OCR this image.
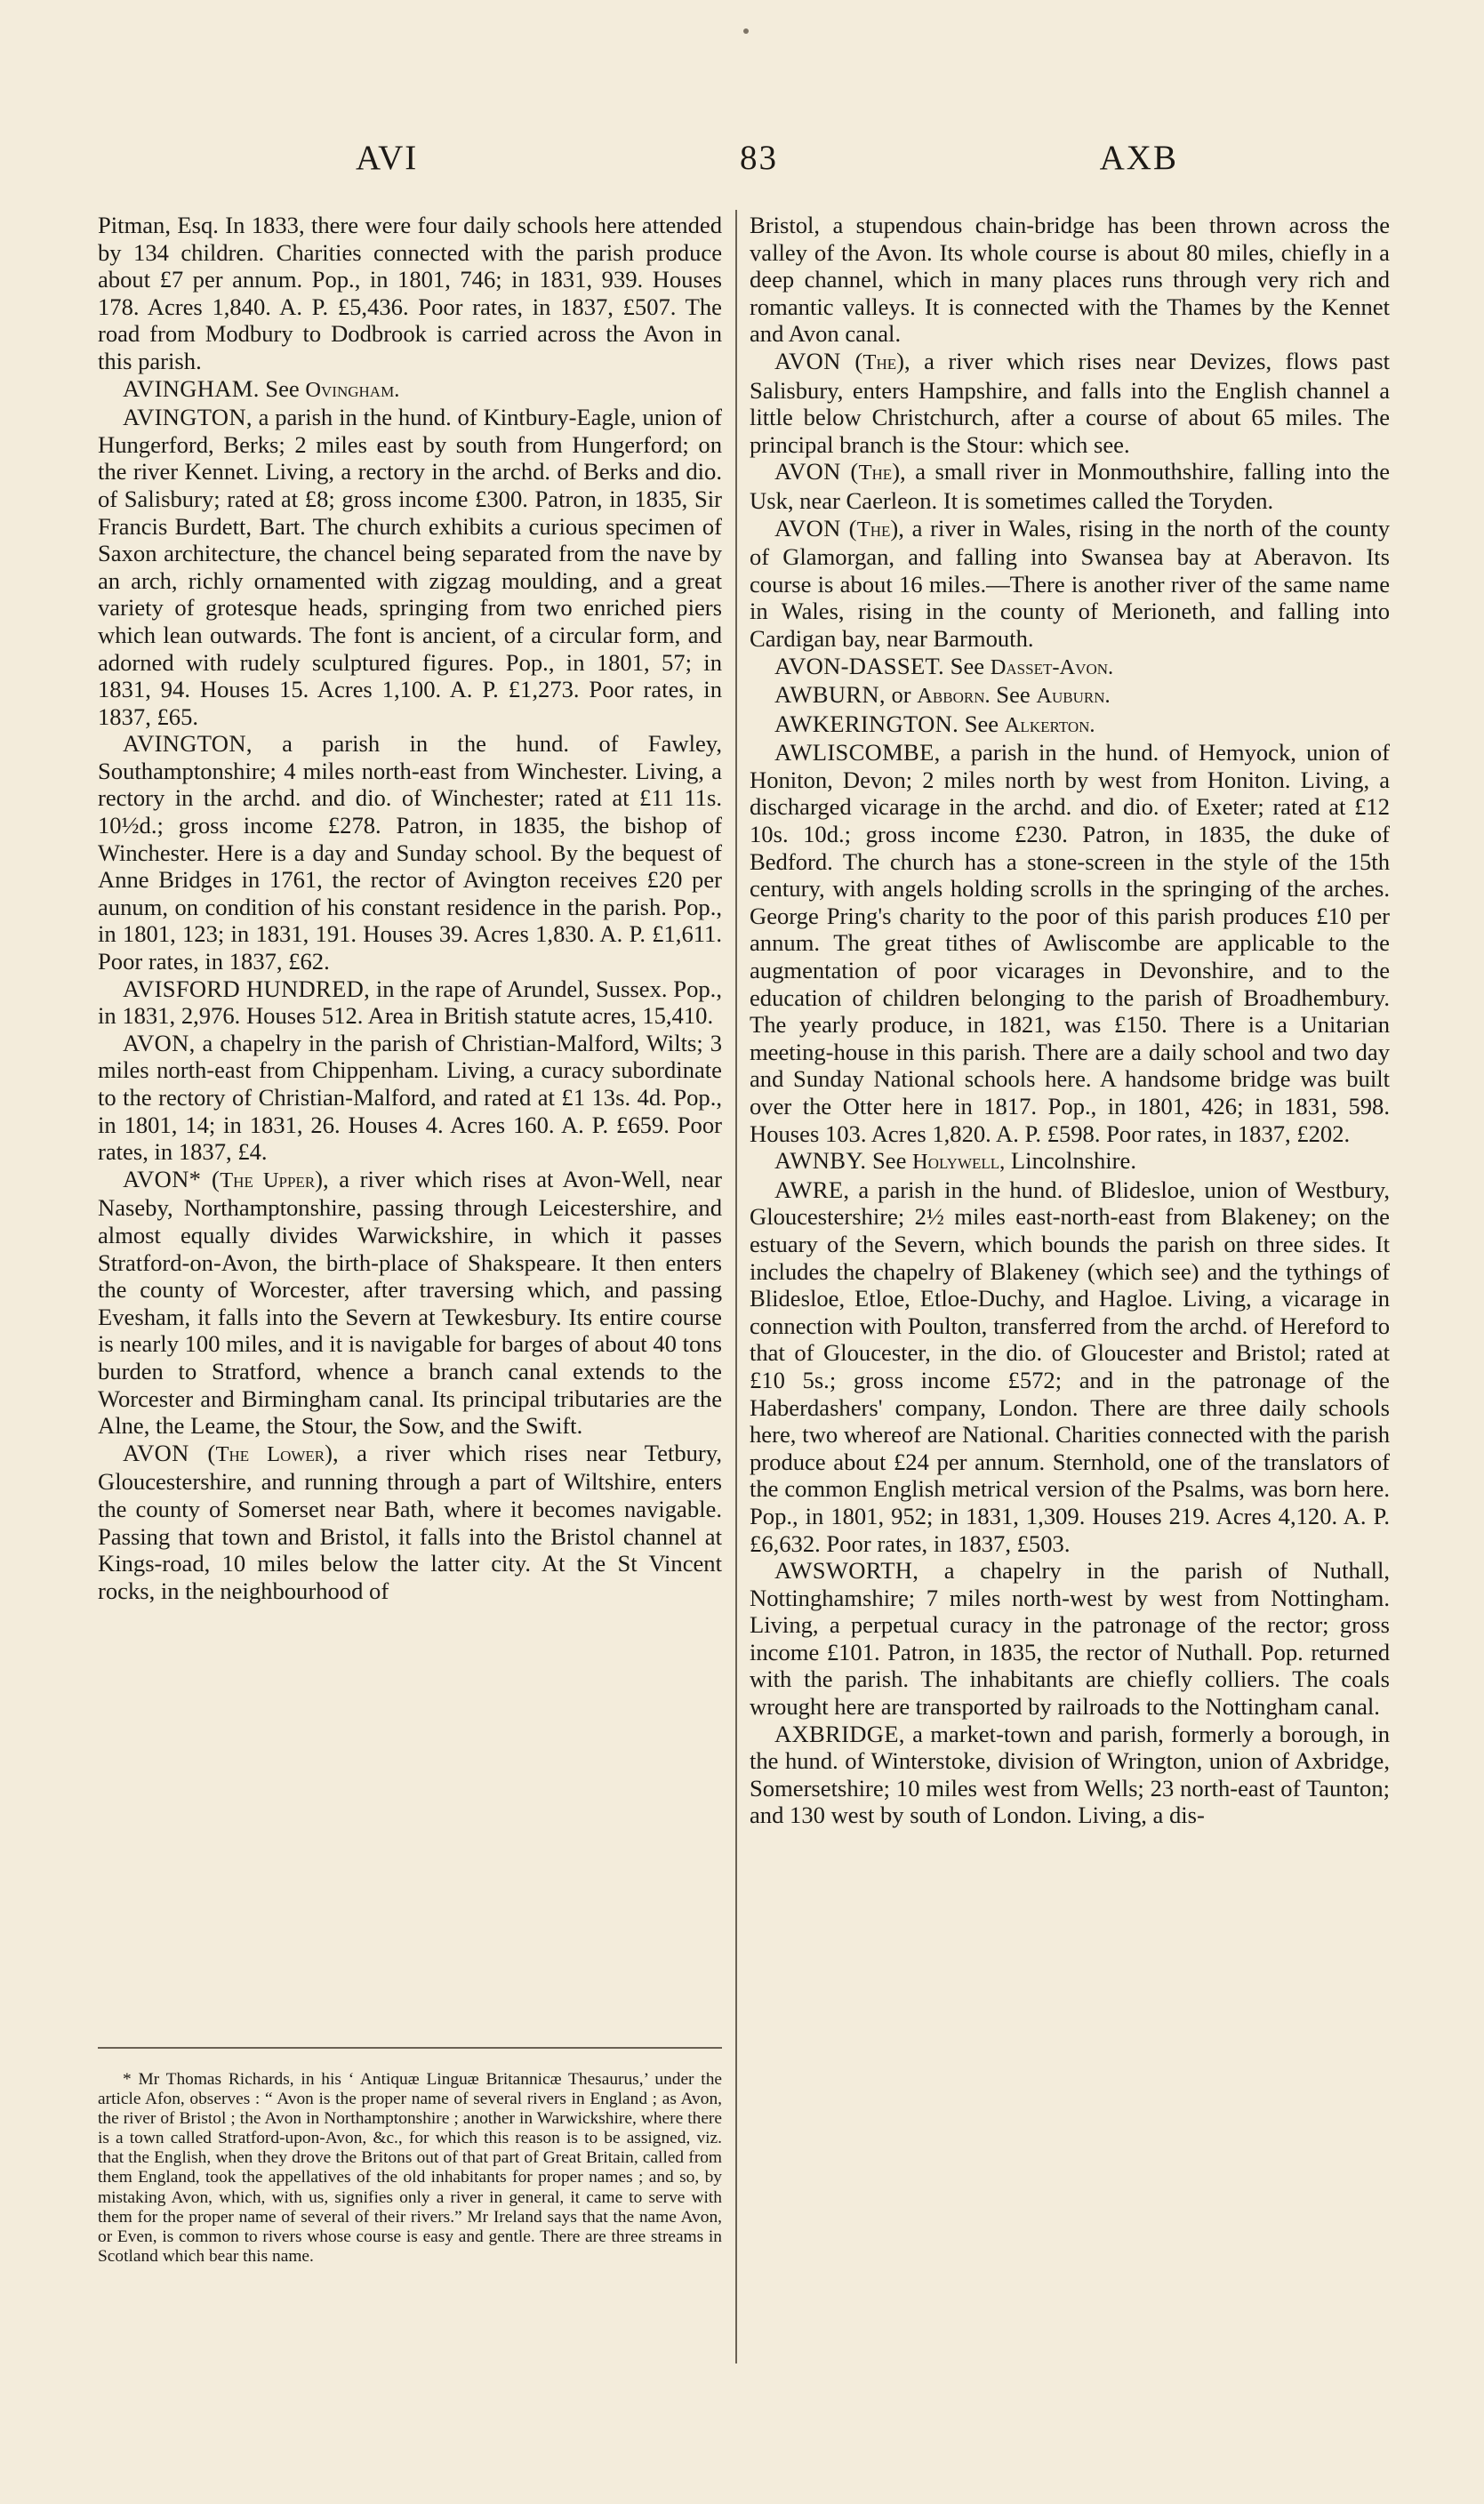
AVI	83	AXB

Pitman, Esq. In 1833, there were four daily schools here attended by 134 children. Charities connected with the parish produce about £7 per annum. Pop., in 1801, 746; in 1831, 939. Houses 178. Acres 1,840. A. P. £5,436. Poor rates, in 1837, £507. The road from Modbury to Dodbrook is carried across the Avon in this parish.

AVINGHAM. See Ovingham.

AVINGTON, a parish in the hund. of Kintbury-Eagle, union of Hungerford, Berks; 2 miles east by south from Hungerford; on the river Kennet. Living, a rectory in the archd. of Berks and dio. of Salisbury; rated at £8; gross income £300. Patron, in 1835, Sir Francis Burdett, Bart. The church exhibits a curious specimen of Saxon architecture, the chancel being separated from the nave by an arch, richly ornamented with zigzag moulding, and a great variety of grotesque heads, springing from two enriched piers which lean outwards. The font is ancient, of a circular form, and adorned with rudely sculptured figures. Pop., in 1801, 57; in 1831, 94. Houses 15. Acres 1,100. A. P. £1,273. Poor rates, in 1837, £65.

AVINGTON, a parish in the hund. of Fawley, Southamptonshire; 4 miles north-east from Winchester. Living, a rectory in the archd. and dio. of Winchester; rated at £11 11s. 10½d.; gross income £278. Patron, in 1835, the bishop of Winchester. Here is a day and Sunday school. By the bequest of Anne Bridges in 1761, the rector of Avington receives £20 per aunum, on condition of his constant residence in the parish. Pop., in 1801, 123; in 1831, 191. Houses 39. Acres 1,830. A. P. £1,611. Poor rates, in 1837, £62.

AVISFORD HUNDRED, in the rape of Arundel, Sussex. Pop., in 1831, 2,976. Houses 512. Area in British statute acres, 15,410.

AVON, a chapelry in the parish of Christian-Malford, Wilts; 3 miles north-east from Chippenham. Living, a curacy subordinate to the rectory of Christian-Malford, and rated at £1 13s. 4d. Pop., in 1801, 14; in 1831, 26. Houses 4. Acres 160. A. P. £659. Poor rates, in 1837, £4.

AVON* (The Upper), a river which rises at Avon-Well, near Naseby, Northamptonshire, passing through Leicestershire, and almost equally divides Warwickshire, in which it passes Stratford-on-Avon, the birth-place of Shakspeare. It then enters the county of Worcester, after traversing which, and passing Evesham, it falls into the Severn at Tewkesbury. Its entire course is nearly 100 miles, and it is navigable for barges of about 40 tons burden to Stratford, whence a branch canal extends to the Worcester and Birmingham canal. Its principal tributaries are the Alne, the Leame, the Stour, the Sow, and the Swift.

AVON (The Lower), a river which rises near Tetbury, Gloucestershire, and running through a part of Wiltshire, enters the county of Somerset near Bath, where it becomes navigable. Passing that town and Bristol, it falls into the Bristol channel at Kings-road, 10 miles below the latter city. At the St Vincent rocks, in the neighbourhood of

Bristol, a stupendous chain-bridge has been thrown across the valley of the Avon. Its whole course is about 80 miles, chiefly in a deep channel, which in many places runs through very rich and romantic valleys. It is connected with the Thames by the Kennet and Avon canal.

AVON (The), a river which rises near Devizes, flows past Salisbury, enters Hampshire, and falls into the English channel a little below Christchurch, after a course of about 65 miles. The principal branch is the Stour: which see.

AVON (The), a small river in Monmouthshire, falling into the Usk, near Caerleon. It is sometimes called the Toryden.

AVON (The), a river in Wales, rising in the north of the county of Glamorgan, and falling into Swansea bay at Aberavon. Its course is about 16 miles.—There is another river of the same name in Wales, rising in the county of Merioneth, and falling into Cardigan bay, near Barmouth.

AVON-DASSET. See Dasset-Avon.

AWBURN, or Abborn. See Auburn.

AWKERINGTON. See Alkerton.

AWLISCOMBE, a parish in the hund. of Hemyock, union of Honiton, Devon; 2 miles north by west from Honiton. Living, a discharged vicarage in the archd. and dio. of Exeter; rated at £12 10s. 10d.; gross income £230. Patron, in 1835, the duke of Bedford. The church has a stone-screen in the style of the 15th century, with angels holding scrolls in the springing of the arches. George Pring's charity to the poor of this parish produces £10 per annum. The great tithes of Awliscombe are applicable to the augmentation of poor vicarages in Devonshire, and to the education of children belonging to the parish of Broadhembury. The yearly produce, in 1821, was £150. There is a Unitarian meeting-house in this parish. There are a daily school and two day and Sunday National schools here. A handsome bridge was built over the Otter here in 1817. Pop., in 1801, 426; in 1831, 598. Houses 103. Acres 1,820. A. P. £598. Poor rates, in 1837, £202.

AWNBY. See Holywell, Lincolnshire.

AWRE, a parish in the hund. of Blidesloe, union of Westbury, Gloucestershire; 2½ miles east-north-east from Blakeney; on the estuary of the Severn, which bounds the parish on three sides. It includes the chapelry of Blakeney (which see) and the tythings of Blidesloe, Etloe, Etloe-Duchy, and Hagloe. Living, a vicarage in connection with Poulton, transferred from the archd. of Hereford to that of Gloucester, in the dio. of Gloucester and Bristol; rated at £10 5s.; gross income £572; and in the patronage of the Haberdashers' company, London. There are three daily schools here, two whereof are National. Charities connected with the parish produce about £24 per annum. Sternhold, one of the translators of the common English metrical version of the Psalms, was born here. Pop., in 1801, 952; in 1831, 1,309. Houses 219. Acres 4,120. A. P. £6,632. Poor rates, in 1837, £503.

AWSWORTH, a chapelry in the parish of Nuthall, Nottinghamshire; 7 miles north-west by west from Nottingham. Living, a perpetual curacy in the patronage of the rector; gross income £101. Patron, in 1835, the rector of Nuthall. Pop. returned with the parish. The inhabitants are chiefly colliers. The coals wrought here are transported by railroads to the Nottingham canal.

AXBRIDGE, a market-town and parish, formerly a borough, in the hund. of Winterstoke, division of Wrington, union of Axbridge, Somersetshire; 10 miles west from Wells; 23 north-east of Taunton; and 130 west by south of London. Living, a dis-

* Mr Thomas Richards, in his ‘ Antiquæ Linguæ Britannicæ Thesaurus,’ under the article Afon, observes : “ Avon is the proper name of several rivers in England ; as Avon, the river of Bristol ; the Avon in Northamptonshire ; another in Warwickshire, where there is a town called Stratford-upon-Avon, &c., for which this reason is to be assigned, viz. that the English, when they drove the Britons out of that part of Great Britain, called from them England, took the appellatives of the old inhabitants for proper names ; and so, by mistaking Avon, which, with us, signifies only a river in general, it came to serve with them for the proper name of several of their rivers.” Mr Ireland says that the name Avon, or Even, is common to rivers whose course is easy and gentle. There are three streams in Scotland which bear this name.
